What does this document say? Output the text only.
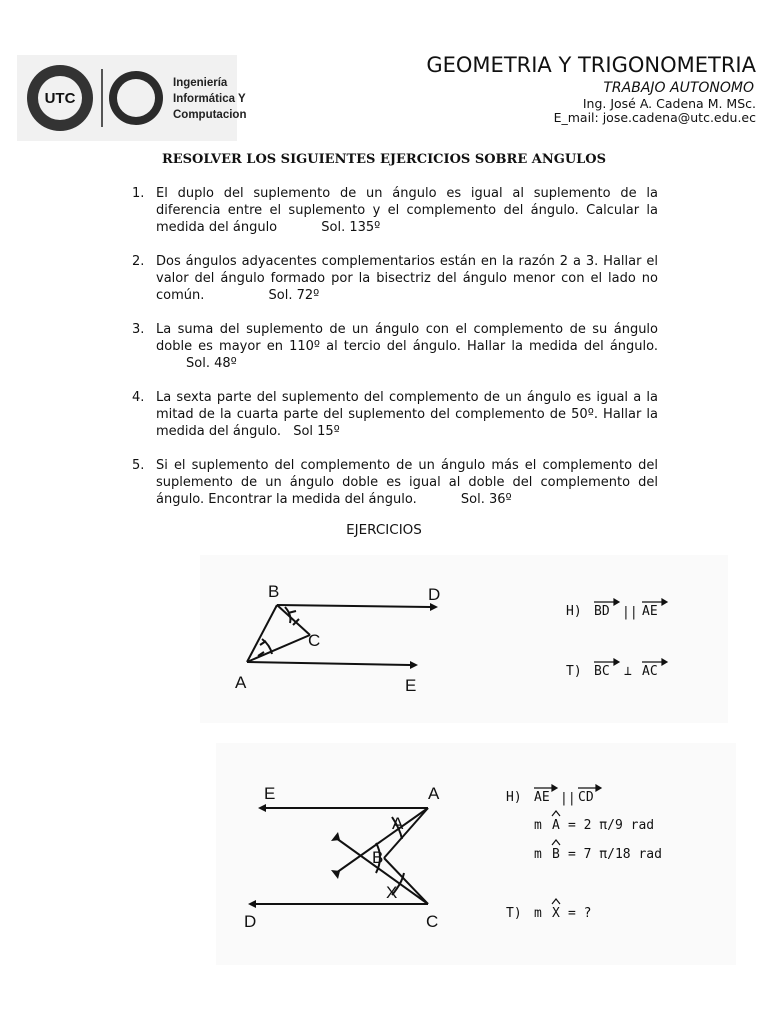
UTC
Ingeniería
Informática Y
Computacion
GEOMETRIA Y TRIGONOMETRIA
TRABAJO AUTONOMO
Ing. José A. Cadena M. MSc.
E_mail: jose.cadena@utc.edu.ec
RESOLVER LOS SIGUIENTES EJERCICIOS SOBRE ANGULOS
1. El duplo del suplemento de un ángulo es igual al suplemento de la diferencia entre el suplemento y el complemento del ángulo. Calcular la medida del ángulo	Sol. 135º
2. Dos ángulos adyacentes complementarios están en la razón 2 a 3. Hallar el valor del ángulo formado por la bisectriz del ángulo menor con el lado no común.	Sol. 72º
3. La suma del suplemento de un ángulo con el complemento de su ángulo doble es mayor en 110º al tercio del ángulo. Hallar la medida del ángulo. Sol. 48º
4. La sexta parte del suplemento del complemento de un ángulo es igual a la mitad de la cuarta parte del suplemento del complemento de 50º. Hallar la medida del ángulo. Sol 15º
5. Si el suplemento del complemento de un ángulo más el complemento del suplemento de un ángulo doble es igual al doble del complemento del ángulo. Encontrar la medida del ángulo.	Sol. 36º
EJERCICIOS
B	D
C
A	E
H) BD || AE
T) BC ⊥ AC
E	A
D	C
A
B
X
H) AE || CD
m A = 2 π/9 rad
m B = 7 π/18 rad
T) m X = ?
